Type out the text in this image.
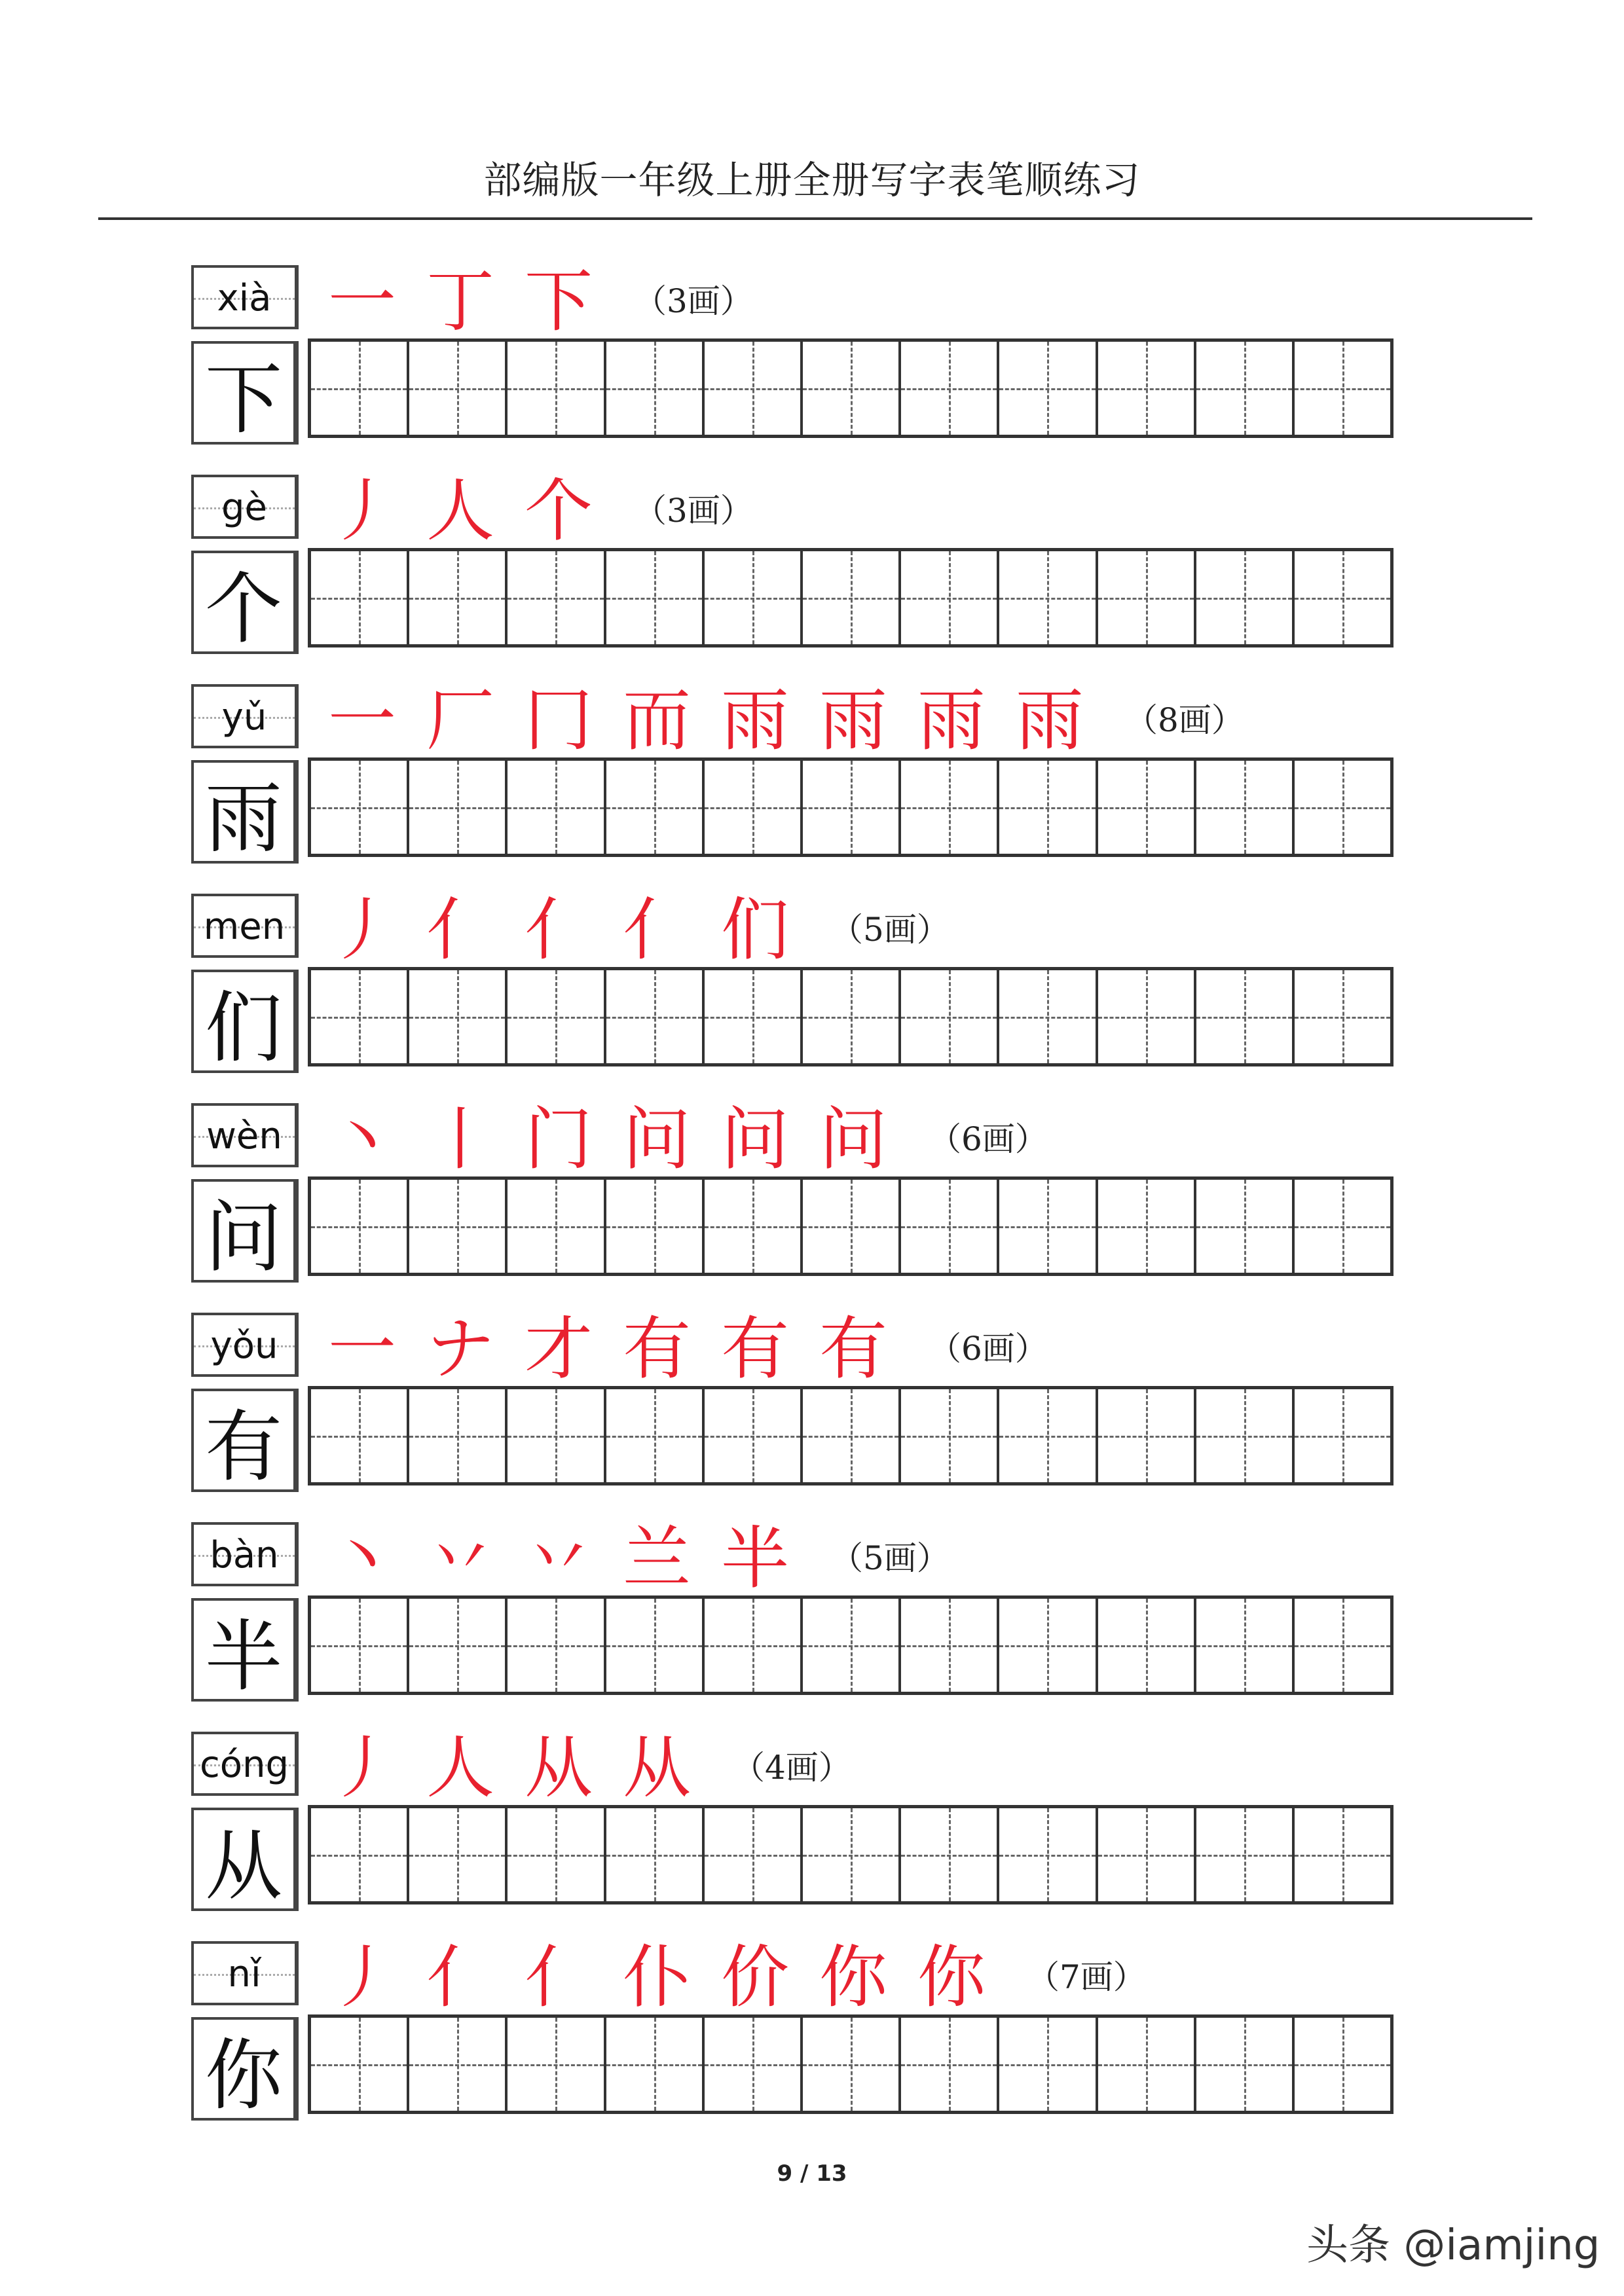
部编版一年级上册全册写字表笔顺练习
xià
下
一 丁 下	（3画）
gè
个
丿 人 个	（3画）
yǔ
雨
一 厂 冂 而 雨 雨 雨 雨	（8画）
men
们
丿 亻 亻 亻 们	（5画）
wèn
问
丶 丨 门 问 问 问	（6画）
yǒu
有
一 ナ 才 有 有 有	（6画）
bàn
半
丶 丷 丷 兰 半	（5画）
cóng
从
丿 人 从 从	（4画）
nǐ
你
丿 亻 亻 仆 价 你 你	（7画）
9 / 13
头条 @iamjing
